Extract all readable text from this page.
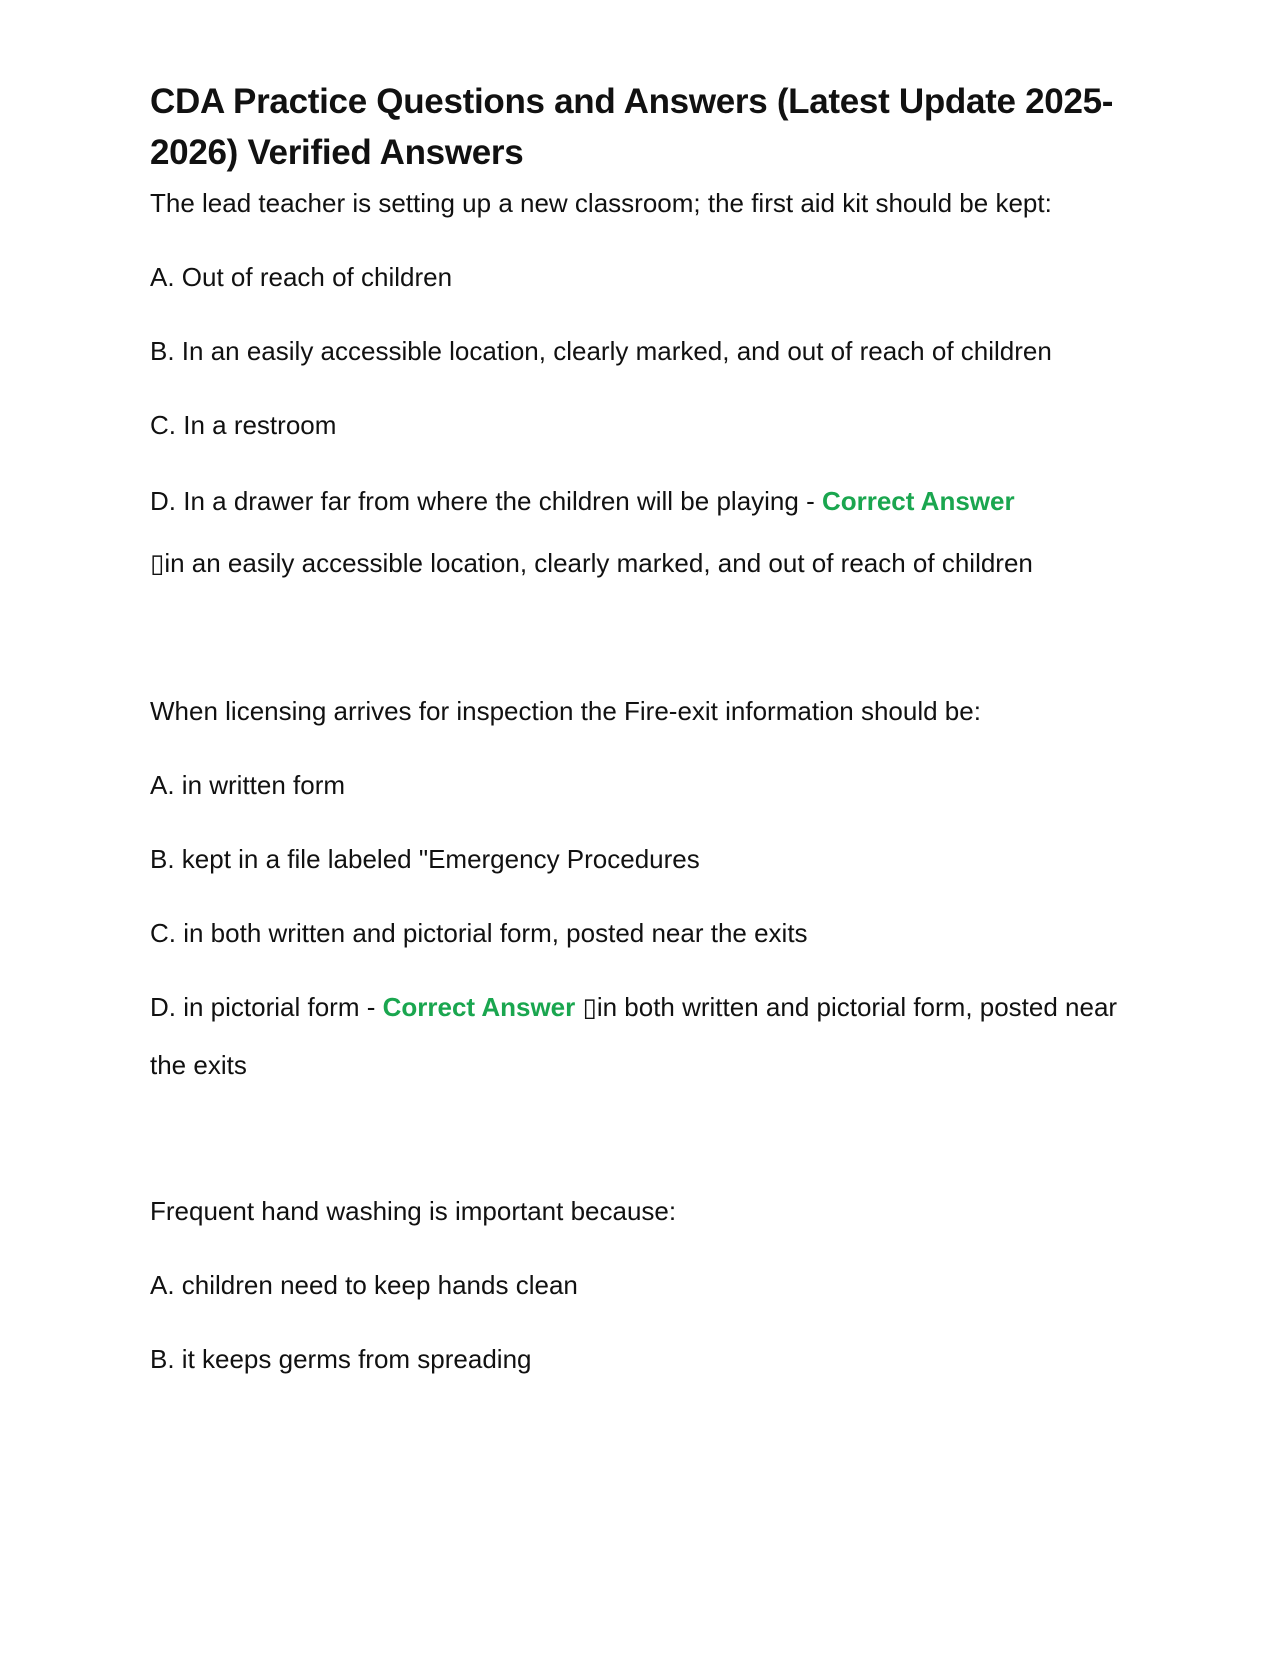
CDA Practice Questions and Answers (Latest Update 2025-2026) Verified Answers

The lead teacher is setting up a new classroom; the first aid kit should be kept:

A. Out of reach of children

B. In an easily accessible location, clearly marked, and out of reach of children

C. In a restroom

D. In a drawer far from where the children will be playing - Correct Answer
▯in an easily accessible location, clearly marked, and out of reach of children

When licensing arrives for inspection the Fire-exit information should be:

A. in written form

B. kept in a file labeled "Emergency Procedures

C. in both written and pictorial form, posted near the exits

D. in pictorial form - Correct Answer ▯in both written and pictorial form, posted near the exits

Frequent hand washing is important because:

A. children need to keep hands clean

B. it keeps germs from spreading
